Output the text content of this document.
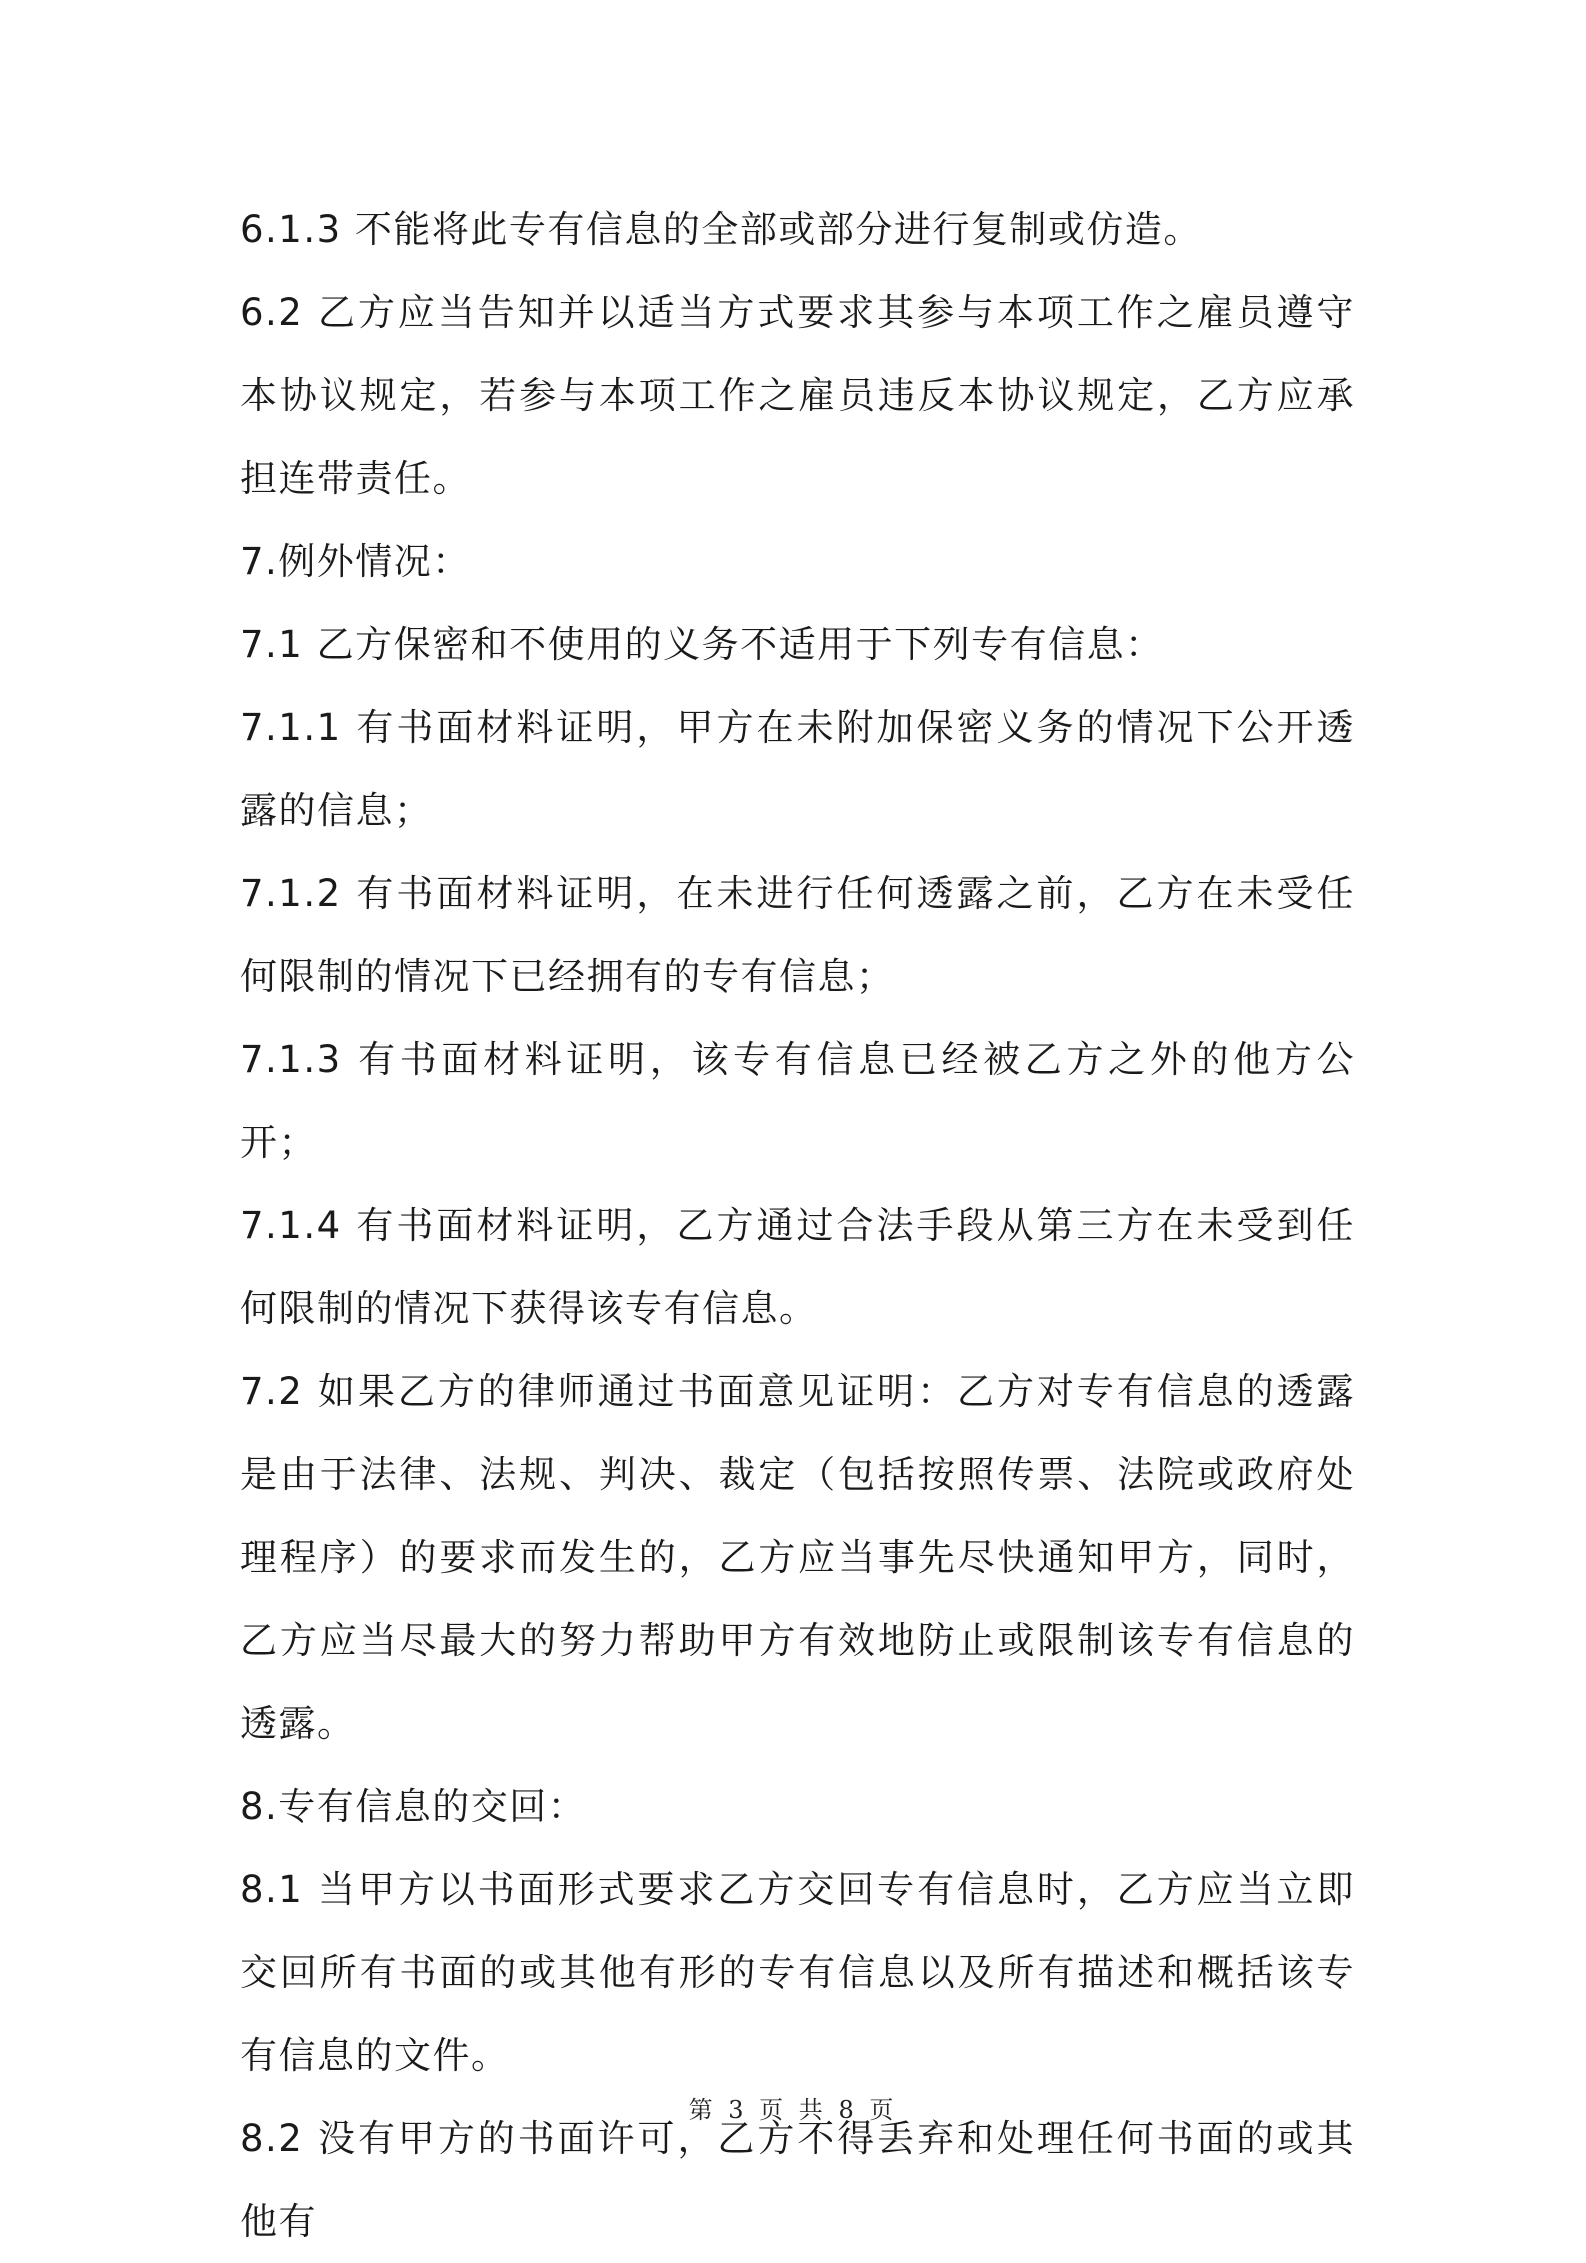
6.1.3 不能将此专有信息的全部或部分进行复制或仿造。

6.2 乙方应当告知并以适当方式要求其参与本项工作之雇员遵守本协议规定，若参与本项工作之雇员违反本协议规定，乙方应承担连带责任。

7.例外情况：

7.1 乙方保密和不使用的义务不适用于下列专有信息：

7.1.1 有书面材料证明，甲方在未附加保密义务的情况下公开透露的信息；

7.1.2 有书面材料证明，在未进行任何透露之前，乙方在未受任何限制的情况下已经拥有的专有信息；

7.1.3 有书面材料证明，该专有信息已经被乙方之外的他方公开；

7.1.4 有书面材料证明，乙方通过合法手段从第三方在未受到任何限制的情况下获得该专有信息。

7.2 如果乙方的律师通过书面意见证明：乙方对专有信息的透露是由于法律、法规、判决、裁定（包括按照传票、法院或政府处理程序）的要求而发生的，乙方应当事先尽快通知甲方，同时，乙方应当尽最大的努力帮助甲方有效地防止或限制该专有信息的透露。

8.专有信息的交回：

8.1 当甲方以书面形式要求乙方交回专有信息时，乙方应当立即交回所有书面的或其他有形的专有信息以及所有描述和概括该专有信息的文件。

8.2 没有甲方的书面许可，乙方不得丢弃和处理任何书面的或其他有

第 3 页 共 8 页
